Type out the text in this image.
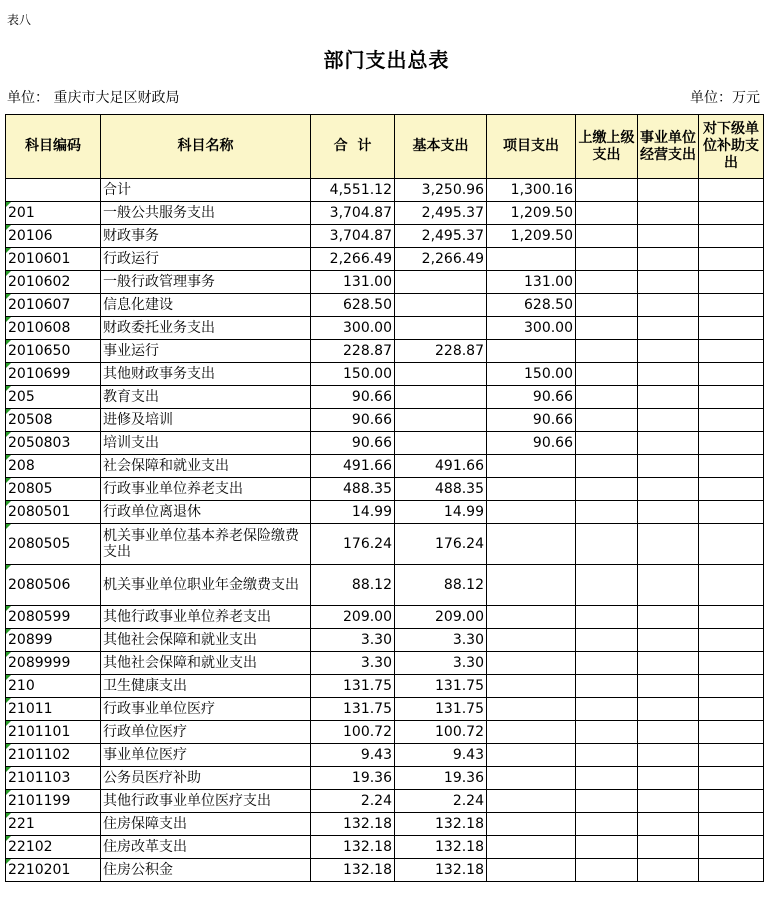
表八
部门支出总表
单位： 重庆市大足区财政局	单位：万元
科目编码	科目名称	合  计	基本支出	项目支出	上缴上级支出	事业单位经营支出	对下级单位补助支出
	合计	4,551.12	3,250.96	1,300.16			
201	一般公共服务支出	3,704.87	2,495.37	1,209.50			
20106	财政事务	3,704.87	2,495.37	1,209.50			
2010601	行政运行	2,266.49	2,266.49				
2010602	一般行政管理事务	131.00		131.00			
2010607	信息化建设	628.50		628.50			
2010608	财政委托业务支出	300.00		300.00			
2010650	事业运行	228.87	228.87				
2010699	其他财政事务支出	150.00		150.00			
205	教育支出	90.66		90.66			
20508	进修及培训	90.66		90.66			
2050803	培训支出	90.66		90.66			
208	社会保障和就业支出	491.66	491.66				
20805	行政事业单位养老支出	488.35	488.35				
2080501	行政单位离退休	14.99	14.99				
2080505	机关事业单位基本养老保险缴费支出	176.24	176.24				
2080506	机关事业单位职业年金缴费支出	88.12	88.12				
2080599	其他行政事业单位养老支出	209.00	209.00				
20899	其他社会保障和就业支出	3.30	3.30				
2089999	其他社会保障和就业支出	3.30	3.30				
210	卫生健康支出	131.75	131.75				
21011	行政事业单位医疗	131.75	131.75				
2101101	行政单位医疗	100.72	100.72				
2101102	事业单位医疗	9.43	9.43				
2101103	公务员医疗补助	19.36	19.36				
2101199	其他行政事业单位医疗支出	2.24	2.24				
221	住房保障支出	132.18	132.18				
22102	住房改革支出	132.18	132.18				
2210201	住房公积金	132.18	132.18				
